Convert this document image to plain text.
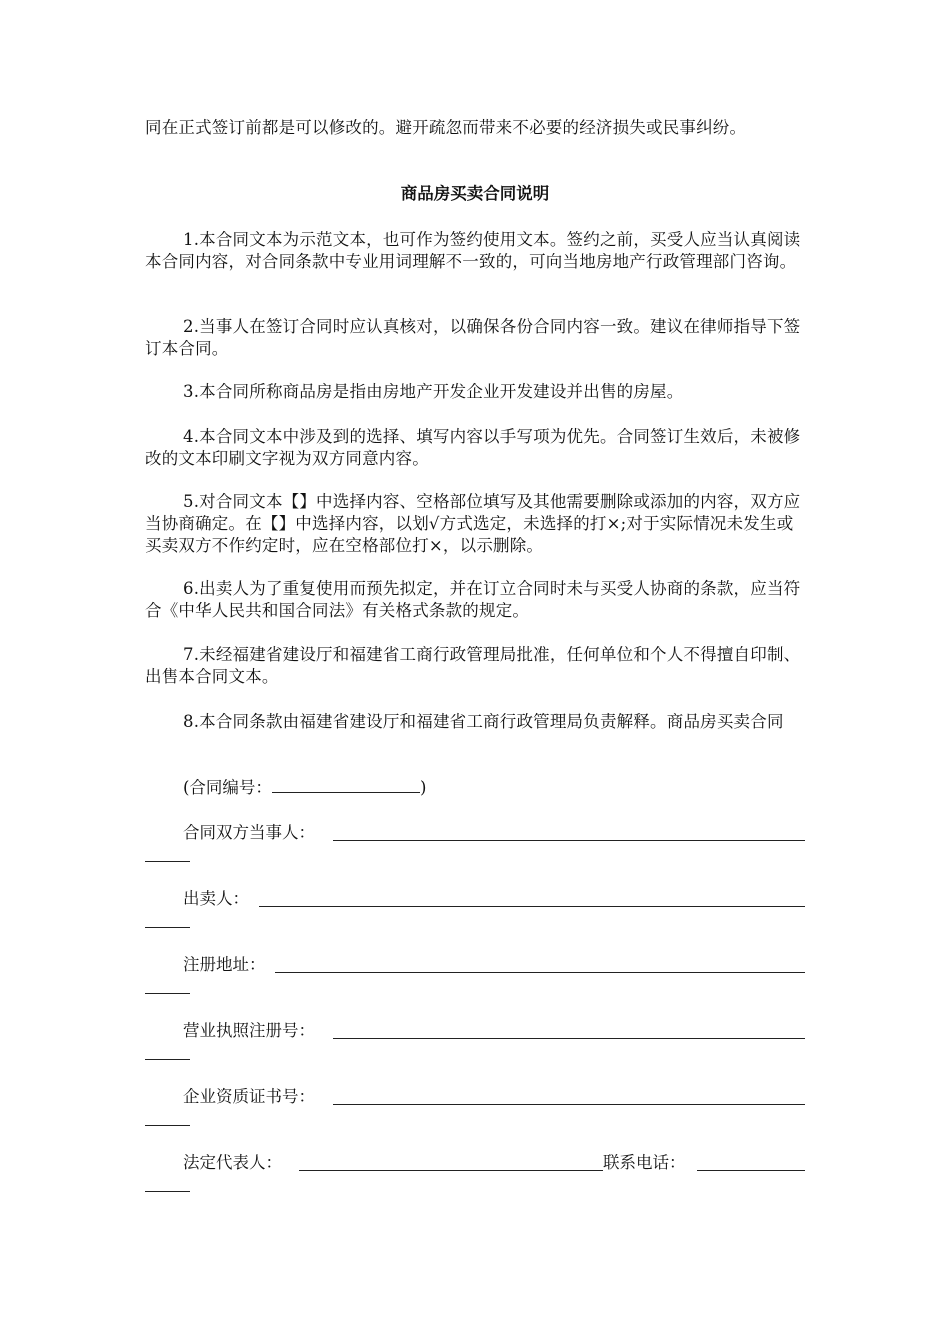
同在正式签订前都是可以修改的。避开疏忽而带来不必要的经济损失或民事纠纷。

商品房买卖合同说明

1.本合同文本为示范文本，也可作为签约使用文本。签约之前，买受人应当认真阅读本合同内容，对合同条款中专业用词理解不一致的，可向当地房地产行政管理部门咨询。

2.当事人在签订合同时应认真核对，以确保各份合同内容一致。建议在律师指导下签订本合同。

3.本合同所称商品房是指由房地产开发企业开发建设并出售的房屋。

4.本合同文本中涉及到的选择、填写内容以手写项为优先。合同签订生效后，未被修改的文本印刷文字视为双方同意内容。

5.对合同文本【】中选择内容、空格部位填写及其他需要删除或添加的内容，双方应当协商确定。在【】中选择内容，以划√方式选定，未选择的打×;对于实际情况未发生或买卖双方不作约定时，应在空格部位打×，以示删除。

6.出卖人为了重复使用而预先拟定，并在订立合同时未与买受人协商的条款，应当符合《中华人民共和国合同法》有关格式条款的规定。

7.未经福建省建设厅和福建省工商行政管理局批准，任何单位和个人不得擅自印制、出售本合同文本。

8.本合同条款由福建省建设厅和福建省工商行政管理局负责解释。商品房买卖合同

(合同编号：	)
合同双方当事人：
出卖人：
注册地址：
营业执照注册号：
企业资质证书号：
法定代表人：	联系电话：
